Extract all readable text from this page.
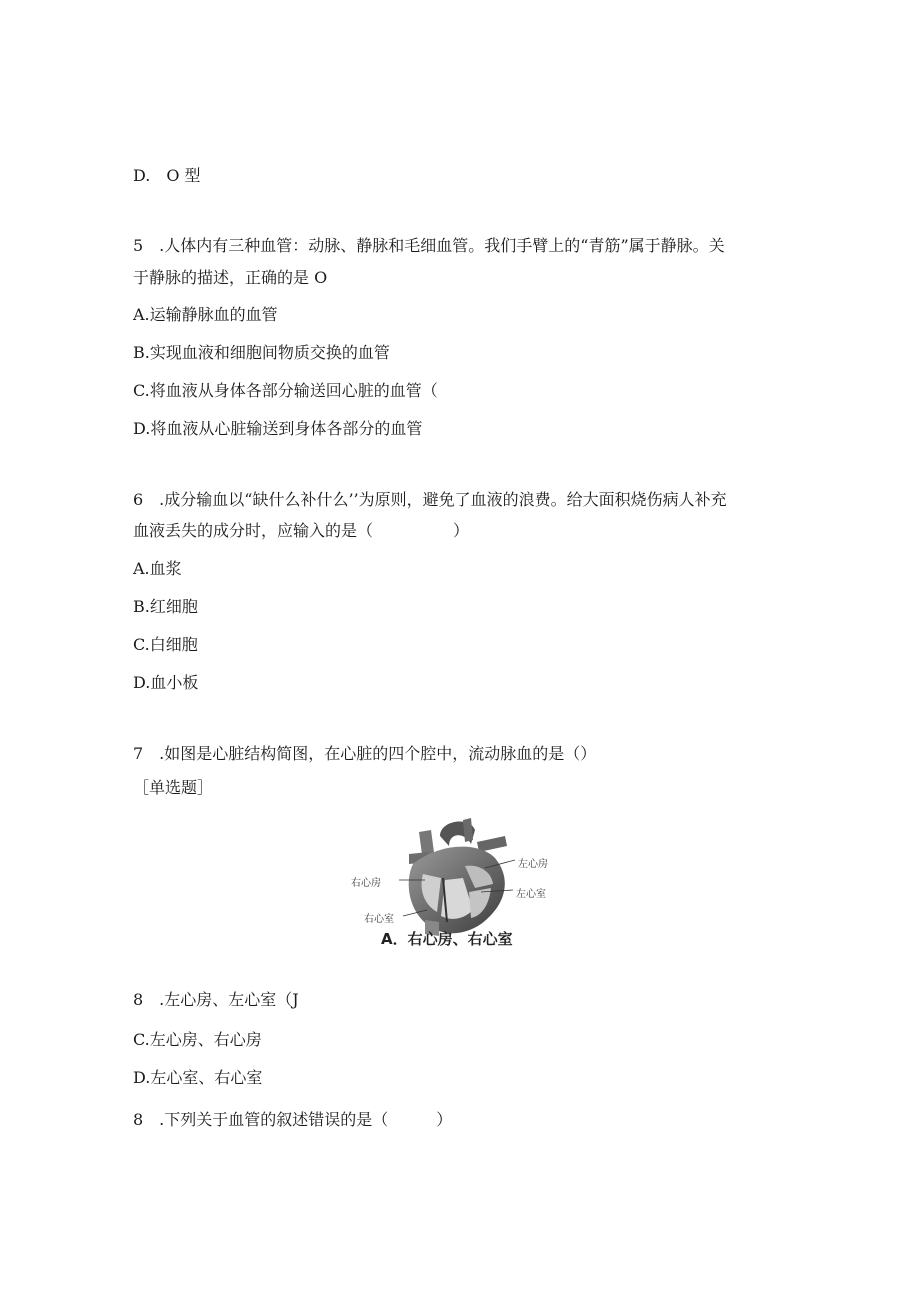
D.　O 型
5　.人体内有三种血管：动脉、静脉和毛细血管。我们手臂上的“青筋”属于静脉。关
于静脉的描述，正确的是 O
A.运输静脉血的血管
B.实现血液和细胞间物质交换的血管
C.将血液从身体各部分输送回心脏的血管（
D.将血液从心脏输送到身体各部分的血管
6　.成分输血以“缺什么补什么’’为原则，避免了血液的浪费。给大面积烧伤病人补充
血液丢失的成分时，应输入的是（　　　　　）
A.血浆
B.红细胞
C.白细胞
D.血小板
7　.如图是心脏结构简图，在心脏的四个腔中，流动脉血的是（）
［单选题］
左心房
右心房
左心室
右心室
A．右心房、右心室
8　.左心房、左心室（J
C.左心房、右心房
D.左心室、右心室
8　.下列关于血管的叙述错误的是（　　　）
